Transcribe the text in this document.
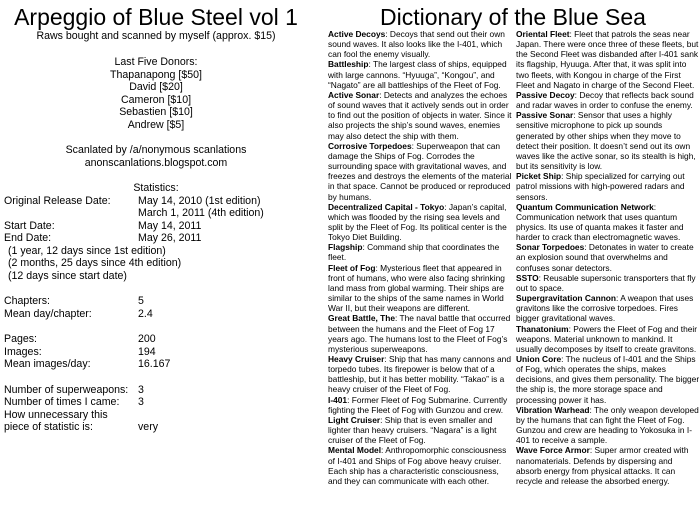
Arpeggio of Blue Steel vol 1
Raws bought and scanned by myself (approx. $15)
Last Five Donors:
Thapanapong [$50]
David [$20]
Cameron [$10]
Sebastien [$10]
Andrew [$5]
Scanlated by /a/nonymous scanlations
anonscanlations.blogspot.com
Statistics:
Original Release Date:	May 14, 2010 (1st edition)
March 1, 2011 (4th edition)
Start Date:	May 14, 2011
End Date:	May 26, 2011
(1 year, 12 days since 1st edition)
(2 months, 25 days since 4th edition)
(12 days since start date)
Chapters:	5
Mean day/chapter:	2.4
Pages:	200
Images:	194
Mean images/day:	16.167
Number of superweapons: 3
Number of times I came: 3
How unnecessary this
piece of statistic is:	very
Dictionary of the Blue Sea

Active Decoys: Decoys that send out their own sound waves. It also looks like the I-401, which can fool the enemy visually.

Battleship: The largest class of ships, equipped with large cannons. “Hyuuga”, “Kongou”, and “Nagato” are all battleships of the Fleet of Fog.

Active Sonar: Detects and analyzes the echoes of sound waves that it actively sends out in order to find out the position of objects in water. Since it also projects the ship’s sound waves, enemies may also detect the ship with them.

Corrosive Torpedoes: Superweapon that can damage the Ships of Fog. Corrodes the surrounding space with gravitational waves, and freezes and destroys the elements of the material in that space. Cannot be produced or reproduced by humans.

Decentralized Capital - Tokyo: Japan’s capital, which was flooded by the rising sea levels and split by the Fleet of Fog. Its political center is the Tokyo Diet Building.

Flagship: Command ship that coordinates the fleet.

Fleet of Fog: Mysterious fleet that appeared in front of humans, who were also facing shrinking land mass from global warming. Their ships are similar to the ships of the same names in World War II, but their weapons are different.

Great Battle, The: The naval battle that occurred between the humans and the Fleet of Fog 17 years ago. The humans lost to the Fleet of Fog’s mysterious superweapons.

Heavy Cruiser: Ship that has many cannons and torpedo tubes. Its firepower is below that of a battleship, but it has better mobility. “Takao” is a heavy cruiser of the Fleet of Fog.

I-401: Former Fleet of Fog Submarine. Currently fighting the Fleet of Fog with Gunzou and crew.

Light Cruiser: Ship that is even smaller and lighter than heavy cruisers. “Nagara” is a light cruiser of the Fleet of Fog.

Mental Model: Anthropomorphic consciousness of I-401 and Ships of Fog above heavy cruiser. Each ship has a characteristic consciousness, and they can communicate with each other.

Oriental Fleet: Fleet that patrols the seas near Japan. There were once three of these fleets, but the Second Fleet was disbanded after I-401 sank its flagship, Hyuuga. After that, it was split into two fleets, with Kongou in charge of the First Fleet and Nagato in charge of the Second Fleet.

Passive Decoy: Decoy that reflects back sound and radar waves in order to confuse the enemy.

Passive Sonar: Sensor that uses a highly sensitive microphone to pick up sounds generated by other ships when they move to detect their position. It doesn’t send out its own waves like the active sonar, so its stealth is high, but its sensitivity is low.

Picket Ship: Ship specialized for carrying out patrol missions with high-powered radars and sensors.

Quantum Communication Network: Communication network that uses quantum physics. Its use of quanta makes it faster and harder to crack than electromagnetic waves.

Sonar Torpedoes: Detonates in water to create an explosion sound that overwhelms and confuses sonar detectors.

SSTO: Reusable supersonic transporters that fly out to space.

Supergravitation Cannon: A weapon that uses gravitons like the corrosive torpedoes. Fires bigger gravitational waves.

Thanatonium: Powers the Fleet of Fog and their weapons. Material unknown to mankind. It usually decomposes by itself to create gravitons.

Union Core: The nucleus of I-401 and the Ships of Fog, which operates the ships, makes decisions, and gives them personality. The bigger the ship is, the more storage space and processing power it has.

Vibration Warhead: The only weapon developed by the humans that can fight the Fleet of Fog. Gunzou and crew are heading to Yokosuka in I-401 to receive a sample.

Wave Force Armor: Super armor created with nanomaterials. Defends by dispersing and absorb energy from physical attacks. It can recycle and release the absorbed energy.
